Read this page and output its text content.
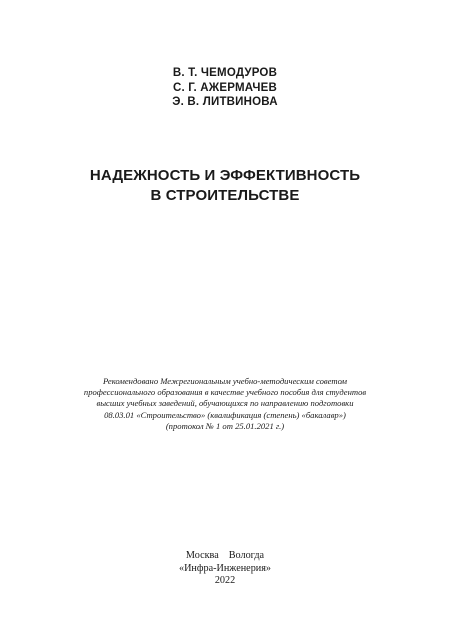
В. Т. ЧЕМОДУРОВ
С. Г. АЖЕРМАЧЕВ
Э. В. ЛИТВИНОВА
НАДЕЖНОСТЬ И ЭФФЕКТИВНОСТЬ
В СТРОИТЕЛЬСТВЕ
Рекомендовано Межрегиональным учебно-методическим советом
профессионального образования в качестве учебного пособия для студентов
высших учебных заведений, обучающихся по направлению подготовки
08.03.01 «Строительство» (квалификация (степень) «бакалавр»)
(протокол № 1 от 25.01.2021 г.)
Москва Вологда
«Инфра-Инженерия»
2022
